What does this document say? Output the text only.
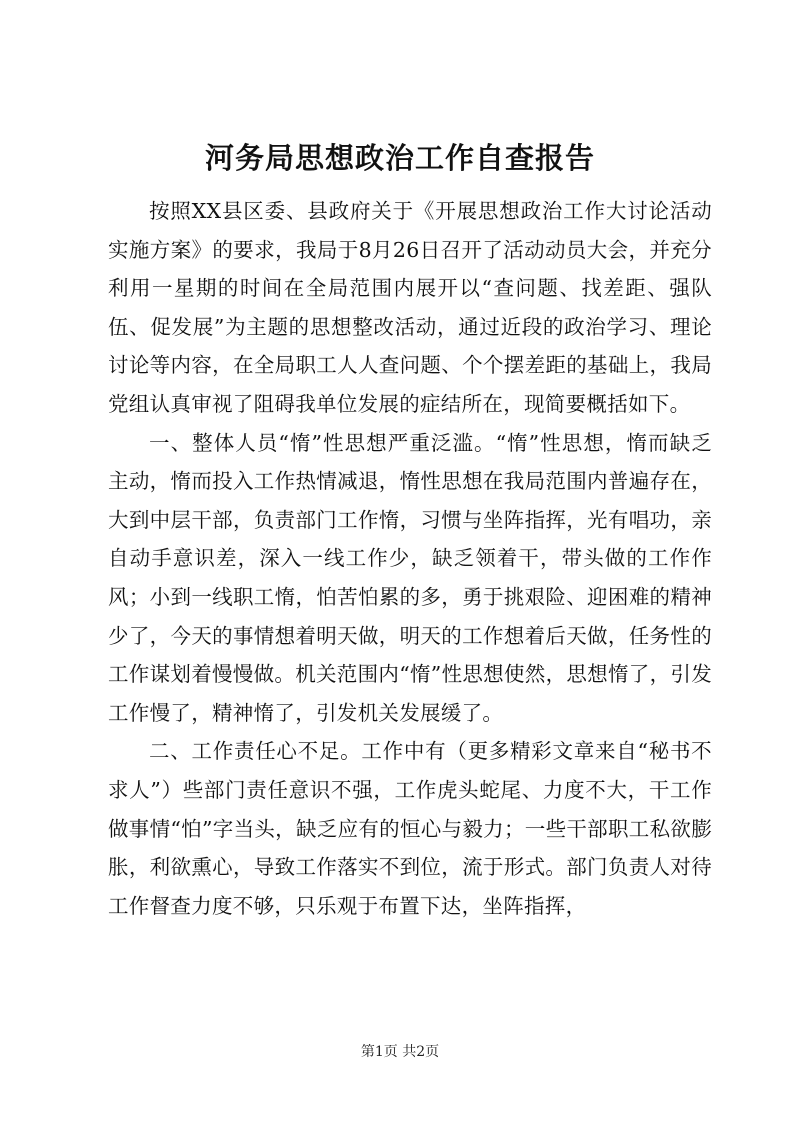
河务局思想政治工作自查报告

按照XX县区委、县政府关于《开展思想政治工作大讨论活动实施方案》的要求，我局于8月26日召开了活动动员大会，并充分利用一星期的时间在全局范围内展开以“查问题、找差距、强队伍、促发展”为主题的思想整改活动，通过近段的政治学习、理论讨论等内容，在全局职工人人查问题、个个摆差距的基础上，我局党组认真审视了阻碍我单位发展的症结所在，现简要概括如下。

一、整体人员“惰”性思想严重泛滥。“惰”性思想，惰而缺乏主动，惰而投入工作热情减退，惰性思想在我局范围内普遍存在，大到中层干部，负责部门工作惰，习惯与坐阵指挥，光有唱功，亲自动手意识差，深入一线工作少，缺乏领着干，带头做的工作作风；小到一线职工惰，怕苦怕累的多，勇于挑艰险、迎困难的精神少了，今天的事情想着明天做，明天的工作想着后天做，任务性的工作谋划着慢慢做。机关范围内“惰”性思想使然，思想惰了，引发工作慢了，精神惰了，引发机关发展缓了。

二、工作责任心不足。工作中有（更多精彩文章来自“秘书不求人”）些部门责任意识不强，工作虎头蛇尾、力度不大，干工作做事情“怕”字当头，缺乏应有的恒心与毅力；一些干部职工私欲膨胀，利欲熏心，导致工作落实不到位，流于形式。部门负责人对待工作督查力度不够，只乐观于布置下达，坐阵指挥，

第1页 共2页
